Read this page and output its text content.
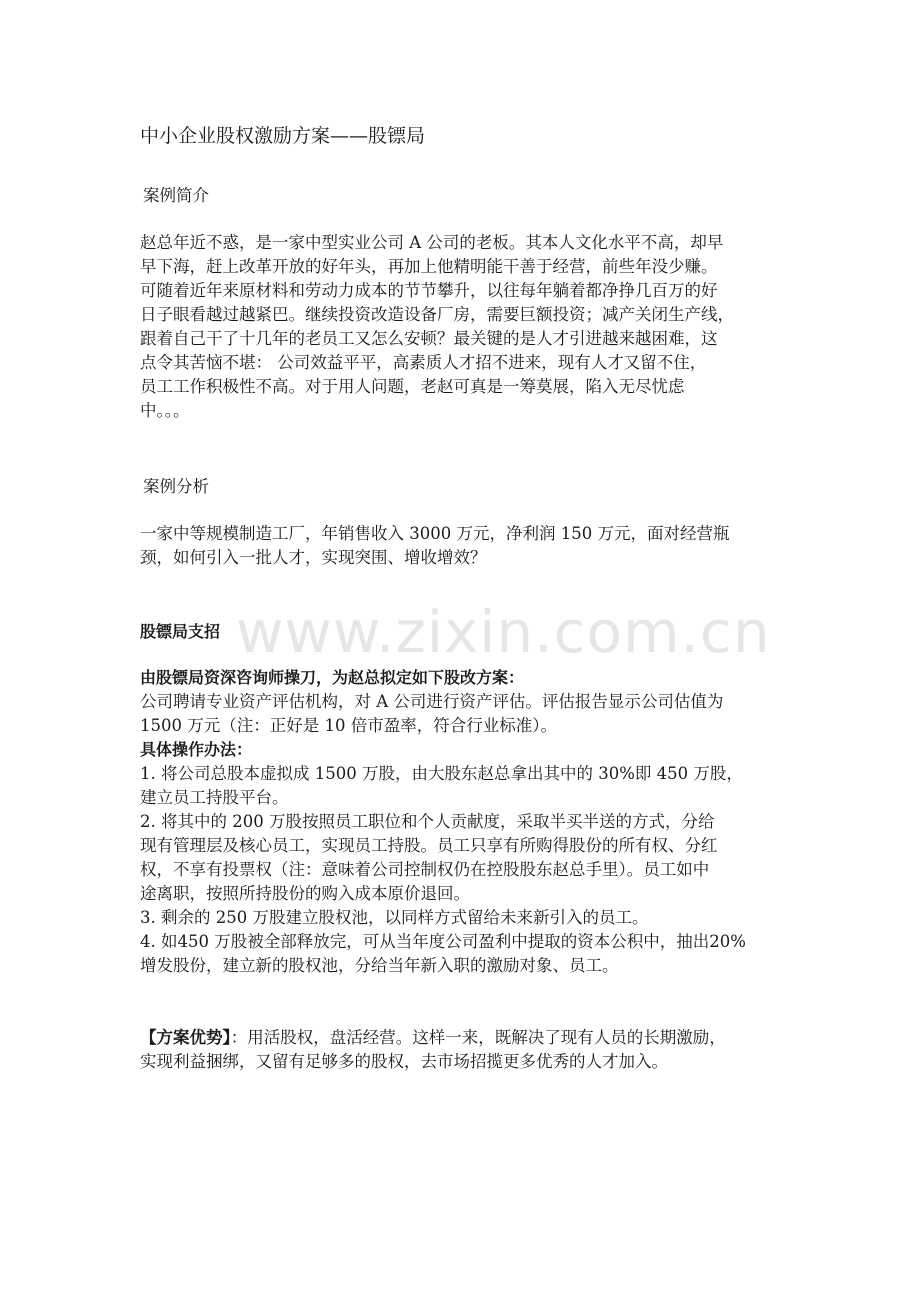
www.zixin.com.cn
中小企业股权激励方案——股镖局
案例简介
赵总年近不惑，是一家中型实业公司 A 公司的老板。其本人文化水平不高，却早
早下海，赶上改革开放的好年头，再加上他精明能干善于经营，前些年没少赚。
可随着近年来原材料和劳动力成本的节节攀升，以往每年躺着都净挣几百万的好
日子眼看越过越紧巴。继续投资改造设备厂房，需要巨额投资；减产关闭生产线，
跟着自己干了十几年的老员工又怎么安顿？最关键的是人才引进越来越困难，这
点令其苦恼不堪： 公司效益平平，高素质人才招不进来，现有人才又留不住，
员工工作积极性不高。对于用人问题，老赵可真是一筹莫展，陷入无尽忧虑
中。。。
案例分析
一家中等规模制造工厂，年销售收入 3000 万元，净利润 150 万元，面对经营瓶
颈，如何引入一批人才，实现突围、增收增效？
股镖局支招
由股镖局资深咨询师操刀，为赵总拟定如下股改方案：
公司聘请专业资产评估机构，对 A 公司进行资产评估。评估报告显示公司估值为
1500 万元（注：正好是 10 倍市盈率，符合行业标准）。
具体操作办法：
1. 将公司总股本虚拟成 1500 万股，由大股东赵总拿出其中的 30%即 450 万股，
建立员工持股平台。
2. 将其中的 200 万股按照员工职位和个人贡献度，采取半买半送的方式，分给
现有管理层及核心员工，实现员工持股。员工只享有所购得股份的所有权、分红
权，不享有投票权（注：意味着公司控制权仍在控股股东赵总手里）。员工如中
途离职，按照所持股份的购入成本原价退回。
3. 剩余的 250 万股建立股权池，以同样方式留给未来新引入的员工。
4. 如450 万股被全部释放完，可从当年度公司盈利中提取的资本公积中，抽出20%
增发股份，建立新的股权池，分给当年新入职的激励对象、员工。
【方案优势】：用活股权，盘活经营。这样一来，既解决了现有人员的长期激励，
实现利益捆绑，又留有足够多的股权，去市场招揽更多优秀的人才加入。
